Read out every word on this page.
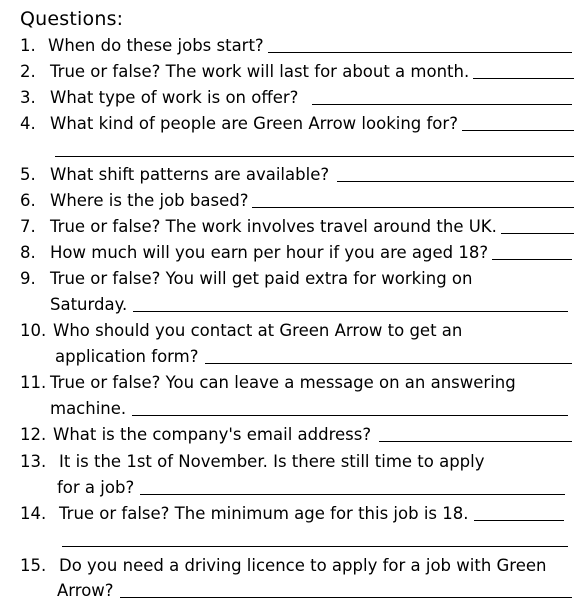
Questions:
1. When do these jobs start?
2. True or false? The work will last for about a month.
3. What type of work is on offer?
4. What kind of people are Green Arrow looking for?
5. What shift patterns are available?
6. Where is the job based?
7. True or false? The work involves travel around the UK.
8. How much will you earn per hour if you are aged 18?
9. True or false? You will get paid extra for working on
Saturday.
10. Who should you contact at Green Arrow to get an
application form?
11. True or false? You can leave a message on an answering
machine.
12. What is the company's email address?
13. It is the 1st of November. Is there still time to apply
for a job?
14. True or false? The minimum age for this job is 18.
15. Do you need a driving licence to apply for a job with Green
Arrow?
